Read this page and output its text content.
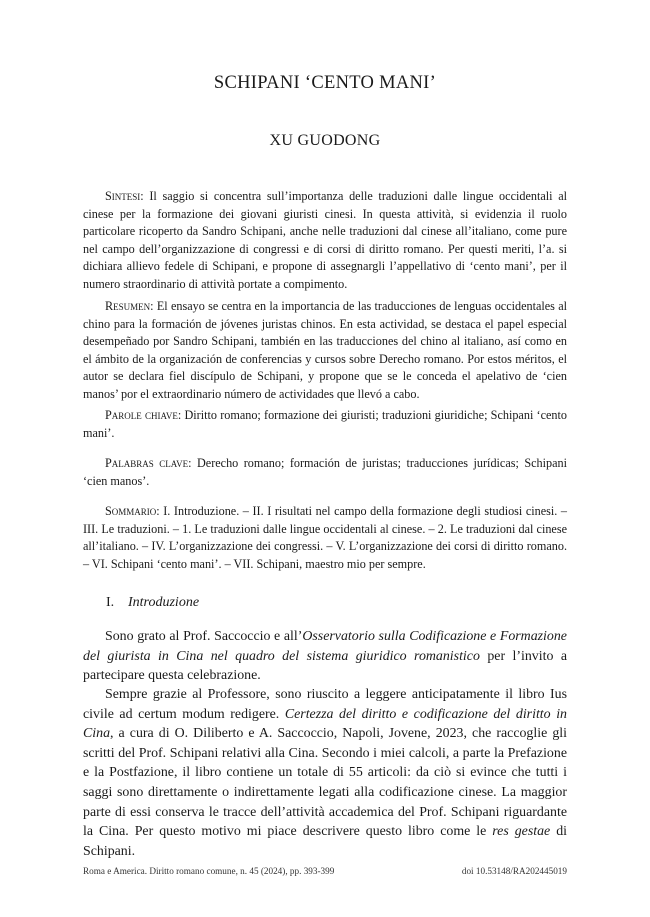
SCHIPANI ‘CENTO MANI’
XU GUODONG

Sintesi: Il saggio si concentra sull’importanza delle traduzioni dalle lingue occidentali al cinese per la formazione dei giovani giuristi cinesi. In questa attività, si evidenzia il ruolo particolare ricoperto da Sandro Schipani, anche nelle traduzioni dal cinese all’italiano, come pure nel campo dell’organizzazione di congressi e di corsi di diritto romano. Per questi meriti, l’a. si dichiara allievo fedele di Schipani, e propone di assegnargli l’appellativo di ‘cento mani’, per il numero straordinario di attività portate a compimento.

Resumen: El ensayo se centra en la importancia de las traducciones de lenguas occidentales al chino para la formación de jóvenes juristas chinos. En esta actividad, se destaca el papel especial desempeñado por Sandro Schipani, también en las traducciones del chino al italiano, así como en el ámbito de la organización de conferencias y cursos sobre Derecho romano. Por estos méritos, el autor se declara fiel discípulo de Schipani, y propone que se le conceda el apelativo de ‘cien manos’ por el extraordinario número de actividades que llevó a cabo.

Parole chiave: Diritto romano; formazione dei giuristi; traduzioni giuridiche; Schipani ‘cento mani’.

Palabras clave: Derecho romano; formación de juristas; traducciones jurídicas; Schipani ‘cien manos’.

Sommario: I. Introduzione. – II. I risultati nel campo della formazione degli studiosi cinesi. – III. Le traduzioni. – 1. Le traduzioni dalle lingue occidentali al cinese. – 2. Le traduzioni dal cinese all’italiano. – IV. L’organizzazione dei congressi. – V. L’organizzazione dei corsi di diritto romano. – VI. Schipani ‘cento mani’. – VII. Schipani, maestro mio per sempre.

I. Introduzione

Sono grato al Prof. Saccoccio e all’Osservatorio sulla Codificazione e Formazione del giurista in Cina nel quadro del sistema giuridico romanistico per l’invito a partecipare questa celebrazione.

Sempre grazie al Professore, sono riuscito a leggere anticipatamente il libro Ius civile ad certum modum redigere. Certezza del diritto e codificazione del diritto in Cina, a cura di O. Diliberto e A. Saccoccio, Napoli, Jovene, 2023, che raccoglie gli scritti del Prof. Schipani relativi alla Cina. Secondo i miei calcoli, a parte la Prefazione e la Postfazione, il libro contiene un totale di 55 articoli: da ciò si evince che tutti i saggi sono direttamente o indirettamente legati alla codificazione cinese. La maggior parte di essi conserva le tracce dell’attività accademica del Prof. Schipani riguardante la Cina. Per questo motivo mi piace descrivere questo libro come le res gestae di Schipani.

Roma e America. Diritto romano comune, n. 45 (2024), pp. 393-399	doi 10.53148/RA202445019
